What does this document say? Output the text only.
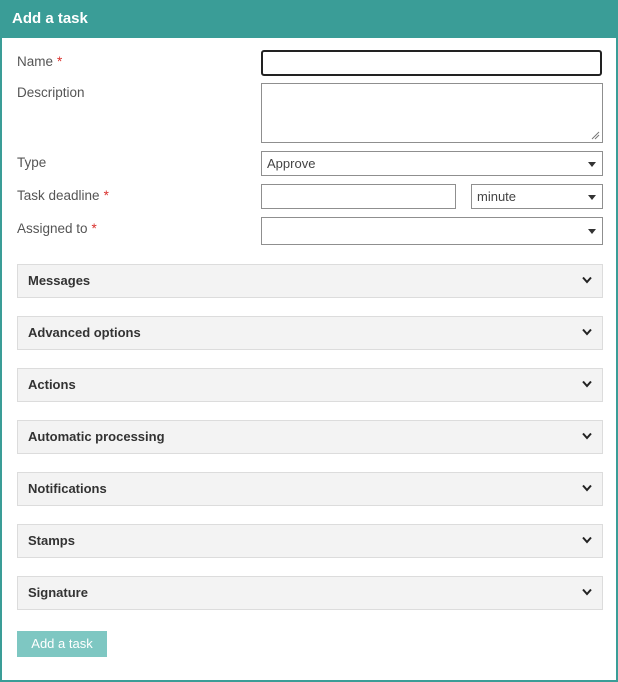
Add a task
Name *
Description
Type	Approve
Task deadline *	minute
Assigned to *
Messages
Advanced options
Actions
Automatic processing
Notifications
Stamps
Signature
Add a task
